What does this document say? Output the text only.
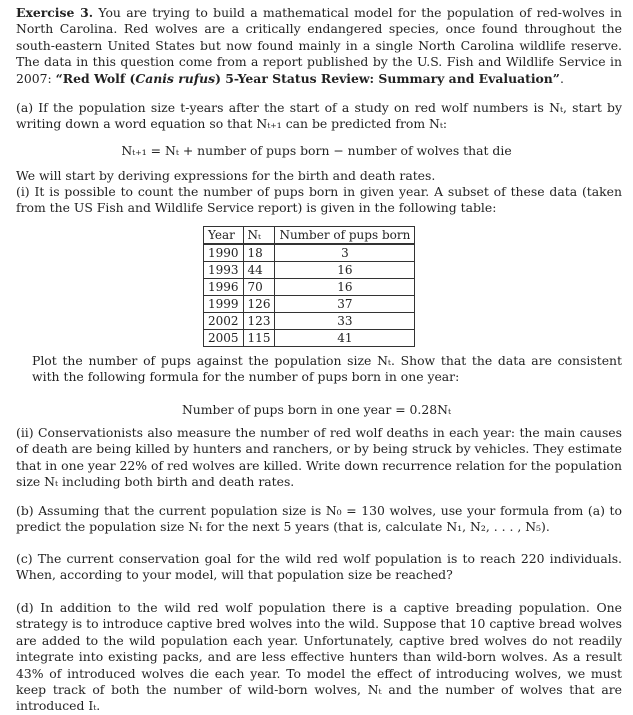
Exercise 3. You are trying to build a mathematical model for the population of red-wolves in North Carolina. Red wolves are a critically endangered species, once found throughout the south-eastern United States but now found mainly in a single North Carolina wildlife reserve. The data in this question come from a report published by the U.S. Fish and Wildlife Service in 2007: “Red Wolf (Canis rufus) 5-Year Status Review: Summary and Evaluation”.

(a) If the population size t-years after the start of a study on red wolf numbers is Nₜ, start by writing down a word equation so that Nₜ₊₁ can be predicted from Nₜ:

Nₜ₊₁ = Nₜ + number of pups born − number of wolves that die

We will start by deriving expressions for the birth and death rates.

(i) It is possible to count the number of pups born in given year. A subset of these data (taken from the US Fish and Wildlife Service report) is given in the following table:

Year	Nₜ	Number of pups born
1990	18	3
1993	44	16
1996	70	16
1999	126	37
2002	123	33
2005	115	41

Plot the number of pups against the population size Nₜ. Show that the data are consistent with the following formula for the number of pups born in one year:

Number of pups born in one year = 0.28Nₜ

(ii) Conservationists also measure the number of red wolf deaths in each year: the main causes of death are being killed by hunters and ranchers, or by being struck by vehicles. They estimate that in one year 22% of red wolves are killed. Write down recurrence relation for the population size Nₜ including both birth and death rates.

(b) Assuming that the current population size is N₀ = 130 wolves, use your formula from (a) to predict the population size Nₜ for the next 5 years (that is, calculate N₁, N₂, . . . , N₅).

(c) The current conservation goal for the wild red wolf population is to reach 220 individuals. When, according to your model, will that population size be reached?

(d) In addition to the wild red wolf population there is a captive breading population. One strategy is to introduce captive bred wolves into the wild. Suppose that 10 captive bread wolves are added to the wild population each year. Unfortunately, captive bred wolves do not readily integrate into existing packs, and are less effective hunters than wild-born wolves. As a result 43% of introduced wolves die each year. To model the effect of introducing wolves, we must keep track of both the number of wild-born wolves, Nₜ and the number of wolves that are introduced Iₜ.
